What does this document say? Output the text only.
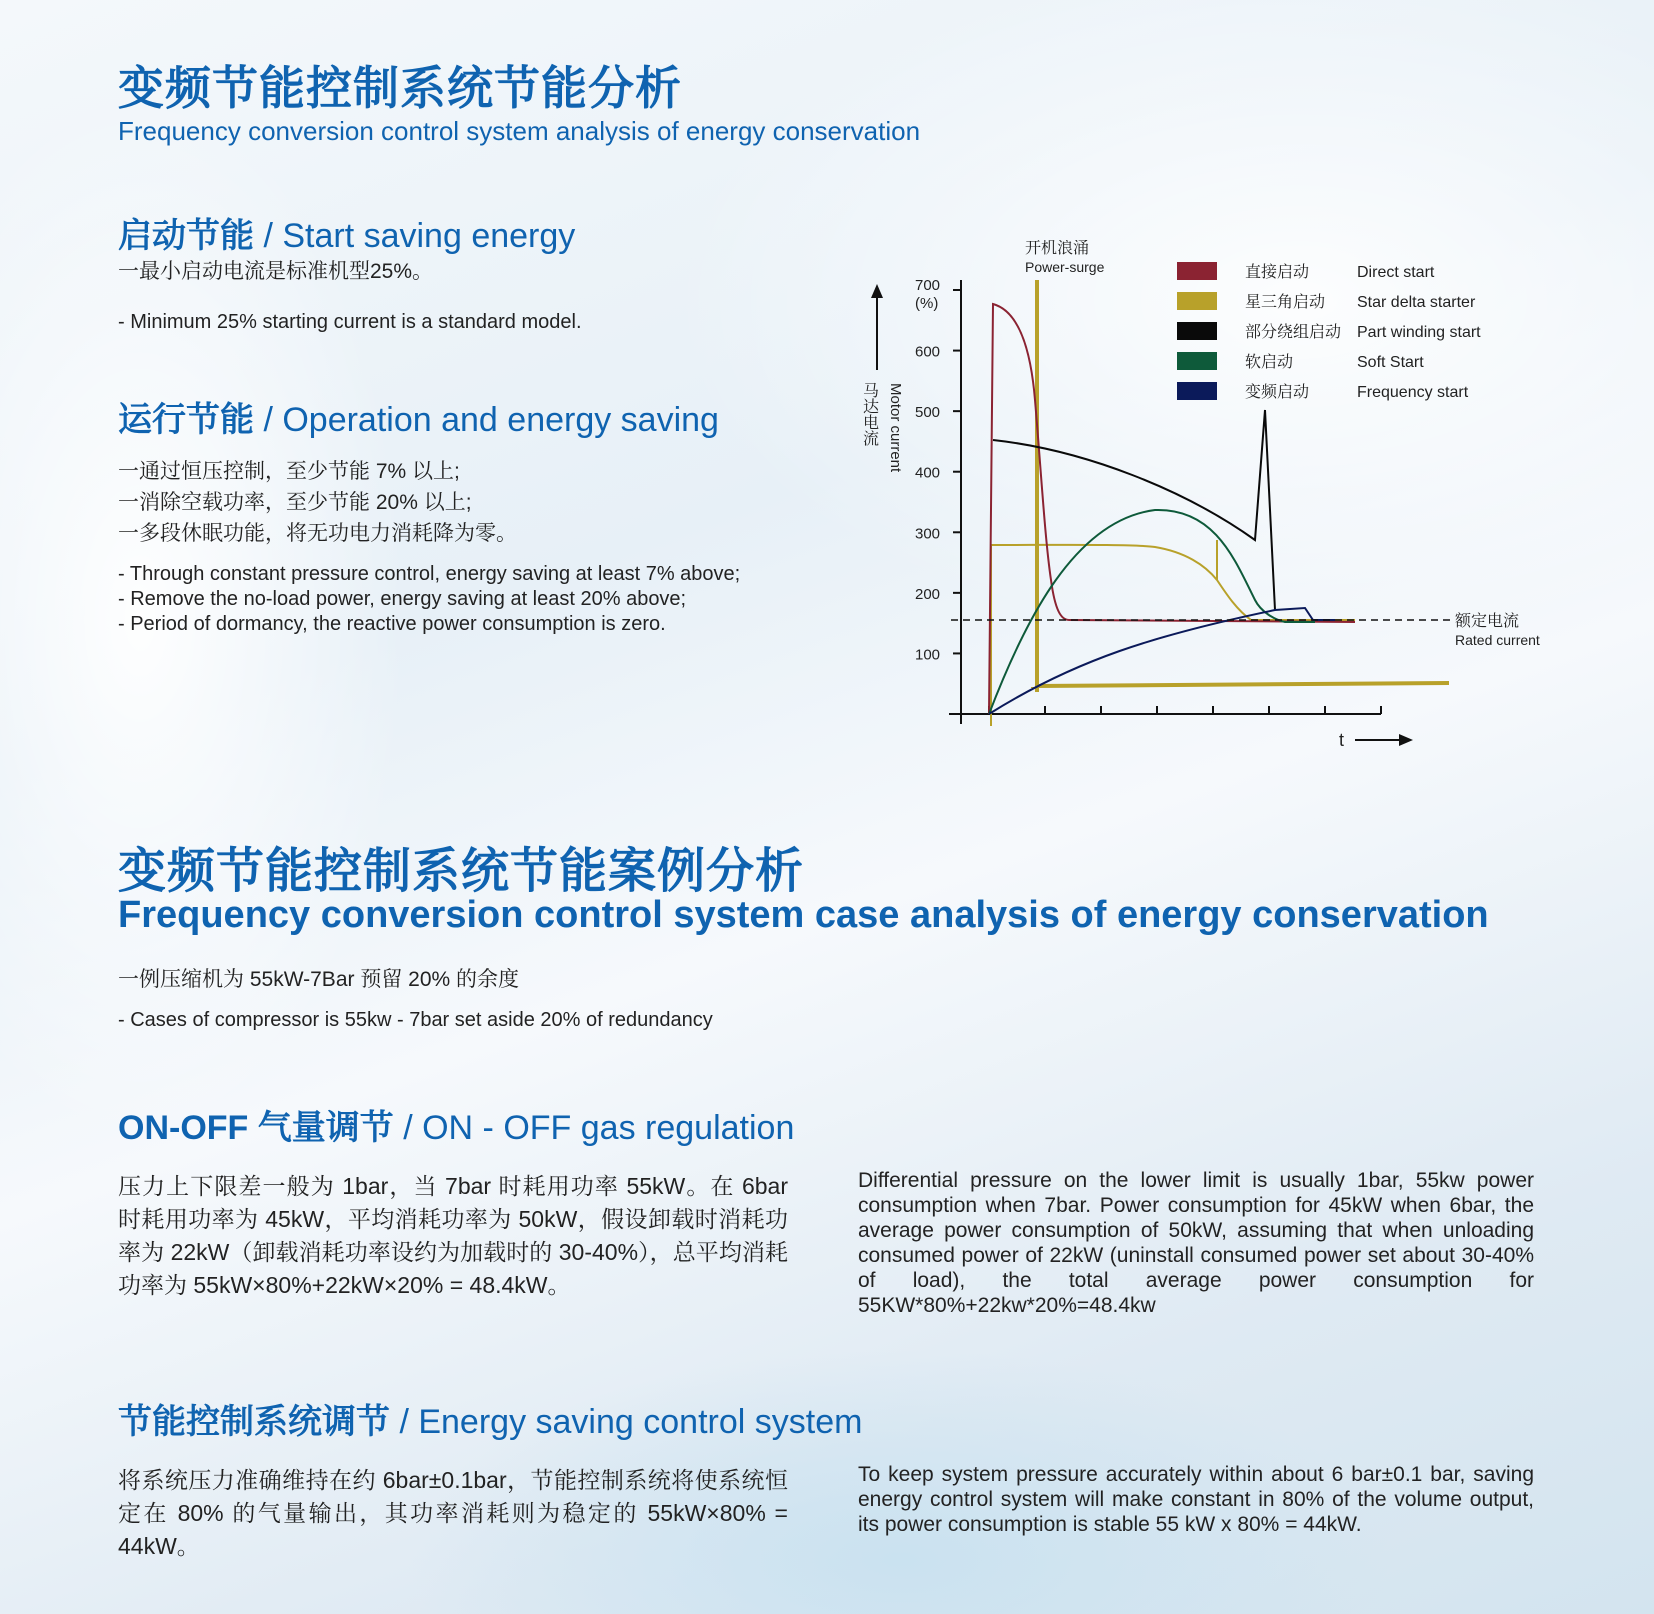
变频节能控制系统节能分析
Frequency conversion control system analysis of energy conservation
启动节能 / Start saving energy
一最小启动电流是标准机型25%。
- Minimum 25% starting current is a standard model.
运行节能 / Operation and energy saving
一通过恒压控制，至少节能 7% 以上;
一消除空载功率，至少节能 20% 以上;
一多段休眠功能，将无功电力消耗降为零。
- Through constant pressure control, energy saving at least 7% above;
- Remove the no-load power, energy saving at least 20% above;
- Period of dormancy, the reactive power consumption is zero.
马达电流 Motor current
100
200
300
400
500
600
700
(%)
t
开机浪涌
Power-surge
额定电流
Rated current
直接启动	Direct start
星三角启动 Star delta starter
部分绕组启动 Part winding start
软启动	Soft Start
变频启动	Frequency start
变频节能控制系统节能案例分析
Frequency conversion control system case analysis of energy conservation
一例压缩机为 55kW-7Bar 预留 20% 的余度
- Cases of compressor is 55kw - 7bar set aside 20% of redundancy
ON-OFF 气量调节 / ON - OFF gas regulation
压力上下限差一般为 1bar，当 7bar 时耗用功率 55kW。在 6bar 时耗用功率为 45kW，平均消耗功率为 50kW，假设卸载时消耗功率为 22kW（卸载消耗功率设约为加载时的 30-40%），总平均消耗功率为 55kW×80%+22kW×20% = 48.4kW。
Differential pressure on the lower limit is usually 1bar, 55kw power consumption when 7bar. Power consumption for 45kW when 6bar, the average power consumption of 50kW, assuming that when unloading consumed power of 22kW (uninstall consumed power set about 30-40% of load), the total average power consumption for 55KW*80%+22kw*20%=48.4kw
节能控制系统调节 / Energy saving control system
将系统压力准确维持在约 6bar±0.1bar，节能控制系统将使系统恒定在 80% 的气量输出，其功率消耗则为稳定的 55kW×80% = 44kW。
To keep system pressure accurately within about 6 bar±0.1 bar, saving energy control system will make constant in 80% of the volume output, its power consumption is stable 55 kW x 80% = 44kW.
